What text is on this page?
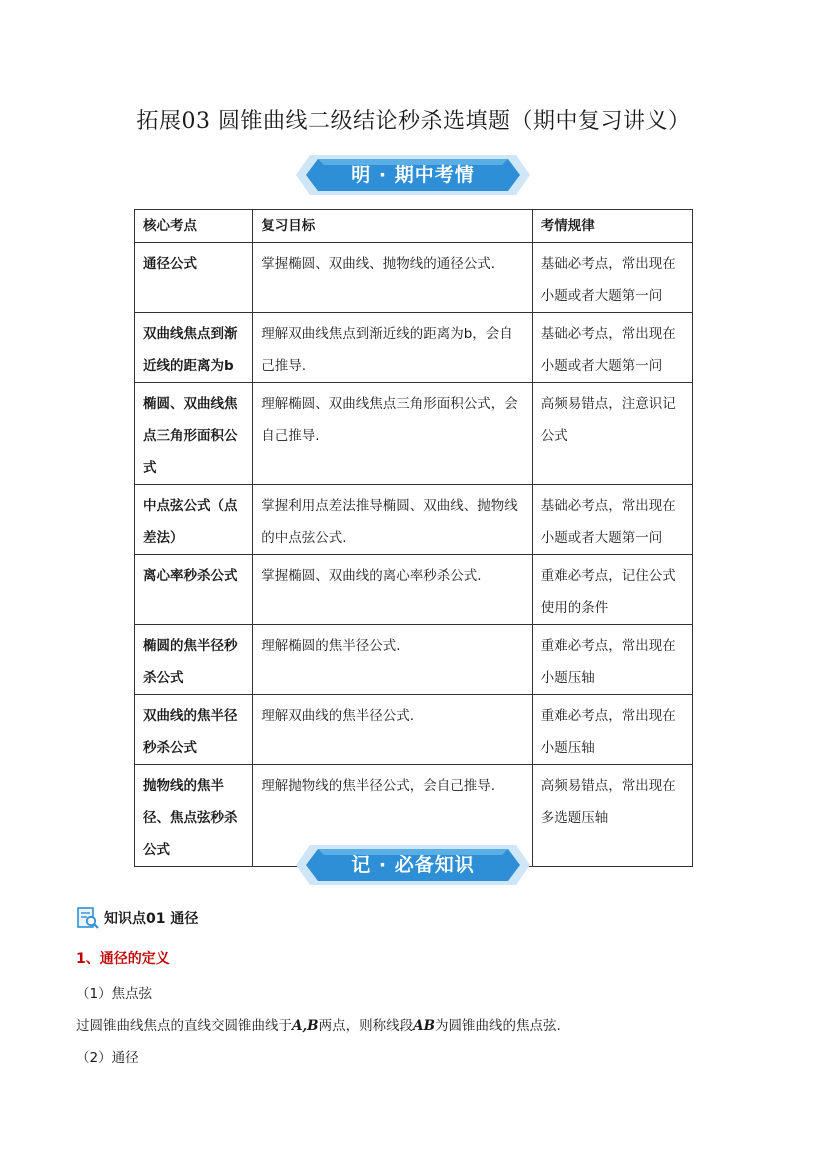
拓展03 圆锥曲线二级结论秒杀选填题（期中复习讲义）
明 · 期中考情
核心考点	复习目标	考情规律
通径公式	掌握椭圆、双曲线、抛物线的通径公式.	基础必考点，常出现在小题或者大题第一问
双曲线焦点到渐近线的距离为b	理解双曲线焦点到渐近线的距离为b，会自己推导.	基础必考点，常出现在小题或者大题第一问
椭圆、双曲线焦点三角形面积公式	理解椭圆、双曲线焦点三角形面积公式，会自己推导.	高频易错点，注意识记公式
中点弦公式（点差法）	掌握利用点差法推导椭圆、双曲线、抛物线的中点弦公式.	基础必考点，常出现在小题或者大题第一问
离心率秒杀公式	掌握椭圆、双曲线的离心率秒杀公式.	重难必考点，记住公式使用的条件
椭圆的焦半径秒杀公式	理解椭圆的焦半径公式.	重难必考点，常出现在小题压轴
双曲线的焦半径秒杀公式	理解双曲线的焦半径公式.	重难必考点，常出现在小题压轴
抛物线的焦半径、焦点弦秒杀公式	理解抛物线的焦半径公式，会自己推导.	高频易错点，常出现在多选题压轴
记 · 必备知识
知识点01 通径
1、通径的定义
（1）焦点弦
过圆锥曲线焦点的直线交圆锥曲线于A,B两点，则称线段AB为圆锥曲线的焦点弦.
（2）通径
